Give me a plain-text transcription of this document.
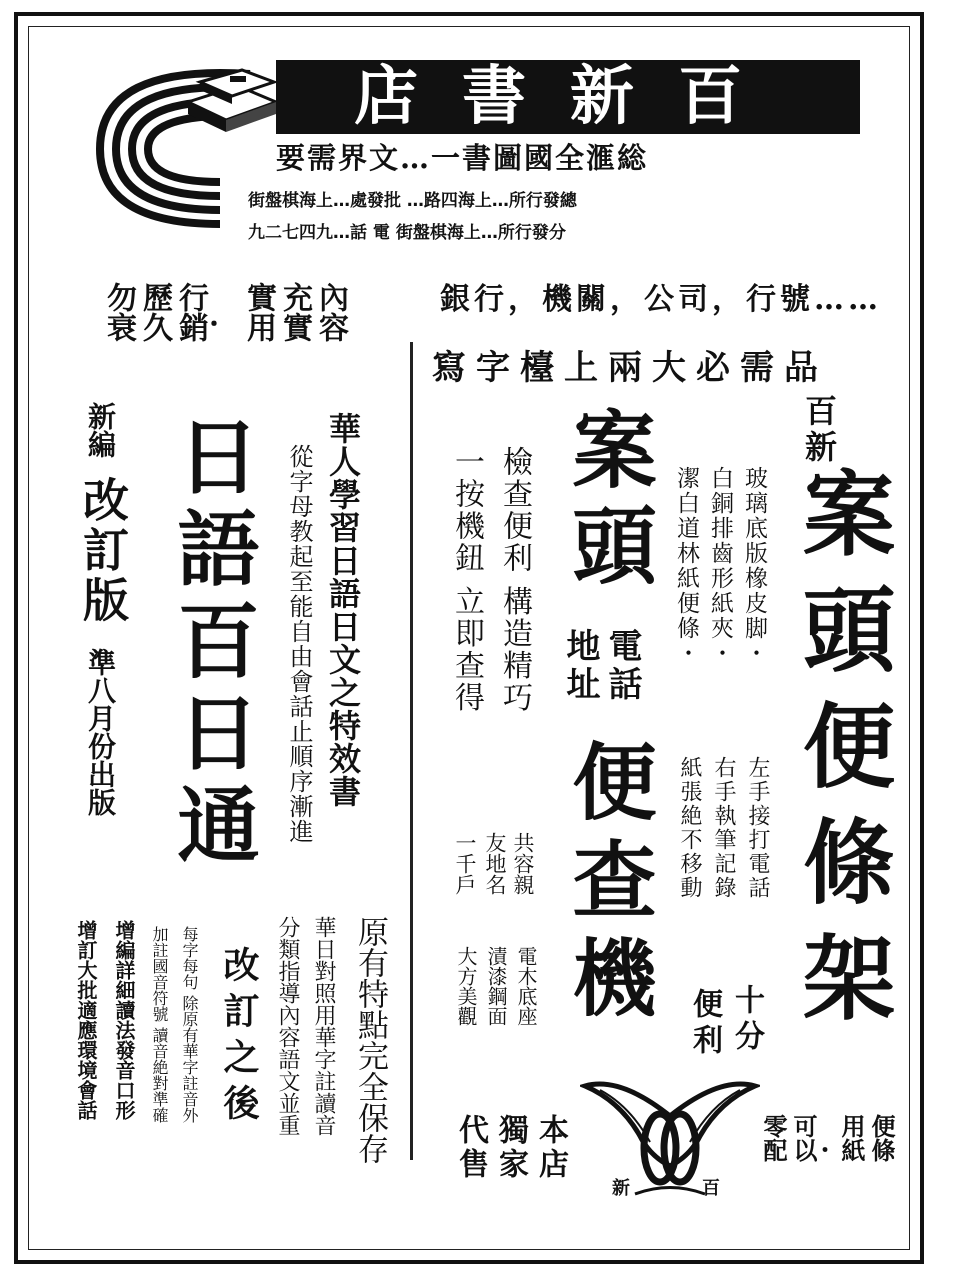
店書新百
要需界文…一書圖國全滙総
街盤棋海上…處發批 …路四海上…所行發總
九二七四九…話 電 街盤棋海上…所行發分
銀行，機關，公司，行號……
寫字檯上兩大必需品
百新
案頭便條架
玻璃底版橡皮脚・
白銅排齒形紙夾・
潔白道林紙便條・
左手接打電話
右手執筆記錄
紙張絶不移動
十分
便利
案頭
電話
地址
便查機
檢查便利 構造精巧
一按機鈕 立即查得
共容親
友地名
一千戶
電木底座
漬漆鋼面
大方美觀
新	百
本店
獨家
代售	便條
用紙
・
可以
零配
內容
充實
實用
・
行銷
歷久
勿衰
新編
改訂版
準八月份出版 日語百日通	華人學習日語日文之特效書
從字母教起至能自由會話止順序漸進
改訂之後	原有特點完全保存
華日對照用華字註讀音
分類指導內容語文並重
每字每句 除原有華字註音外
加註國音符號 讀音絶對準確
增編詳細讀法發音口形
增訂大批適應環境會話
